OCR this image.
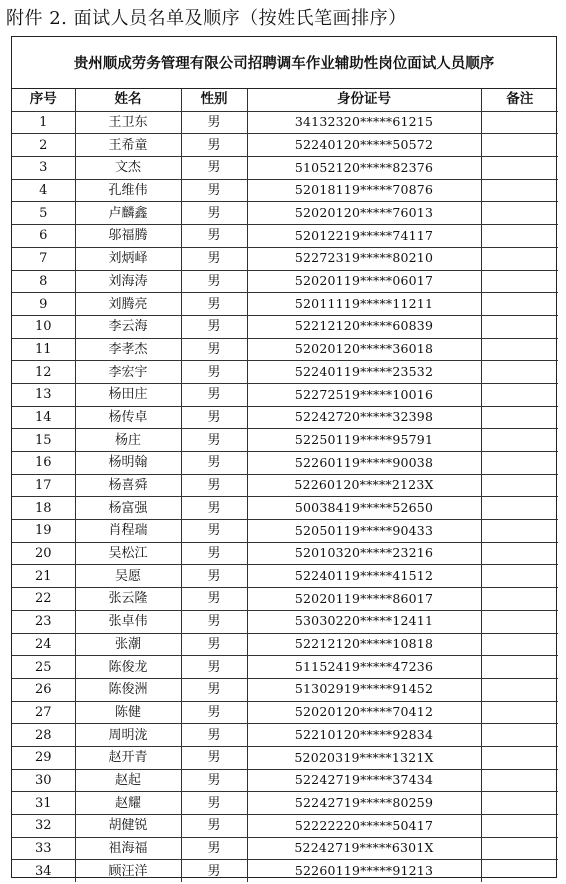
附件 2. 面试人员名单及顺序（按姓氏笔画排序）
贵州顺成劳务管理有限公司招聘调车作业辅助性岗位面试人员顺序
序号	姓名	性别	身份证号	备注
1	王卫东	男	34132320*****61215	
2	王希童	男	52240120*****50572	
3	文杰	男	51052120*****82376	
4	孔维伟	男	52018119*****70876	
5	卢麟鑫	男	52020120*****76013	
6	邬福腾	男	52012219*****74117	
7	刘炳峄	男	52272319*****80210	
8	刘海涛	男	52020119*****06017	
9	刘腾亮	男	52011119*****11211	
10	李云海	男	52212120*****60839	
11	李孝杰	男	52020120*****36018	
12	李宏宇	男	52240119*****23532	
13	杨田庄	男	52272519*****10016	
14	杨传卓	男	52242720*****32398	
15	杨庄	男	52250119*****95791	
16	杨明翰	男	52260119*****90038	
17	杨喜舜	男	52260120*****2123X	
18	杨富强	男	50038419*****52650	
19	肖程瑞	男	52050119*****90433	
20	吴松江	男	52010320*****23216	
21	吴愿	男	52240119*****41512	
22	张云隆	男	52020119*****86017	
23	张卓伟	男	53030220*****12411	
24	张潮	男	52212120*****10818	
25	陈俊龙	男	51152419*****47236	
26	陈俊洲	男	51302919*****91452	
27	陈健	男	52020120*****70412	
28	周明泷	男	52210120*****92834	
29	赵开青	男	52020319*****1321X	
30	赵起	男	52242719*****37434	
31	赵耀	男	52242719*****80259	
32	胡健锐	男	52222220*****50417	
33	祖海福	男	52242719*****6301X	
34	顾汪洋	男	52260119*****91213	
